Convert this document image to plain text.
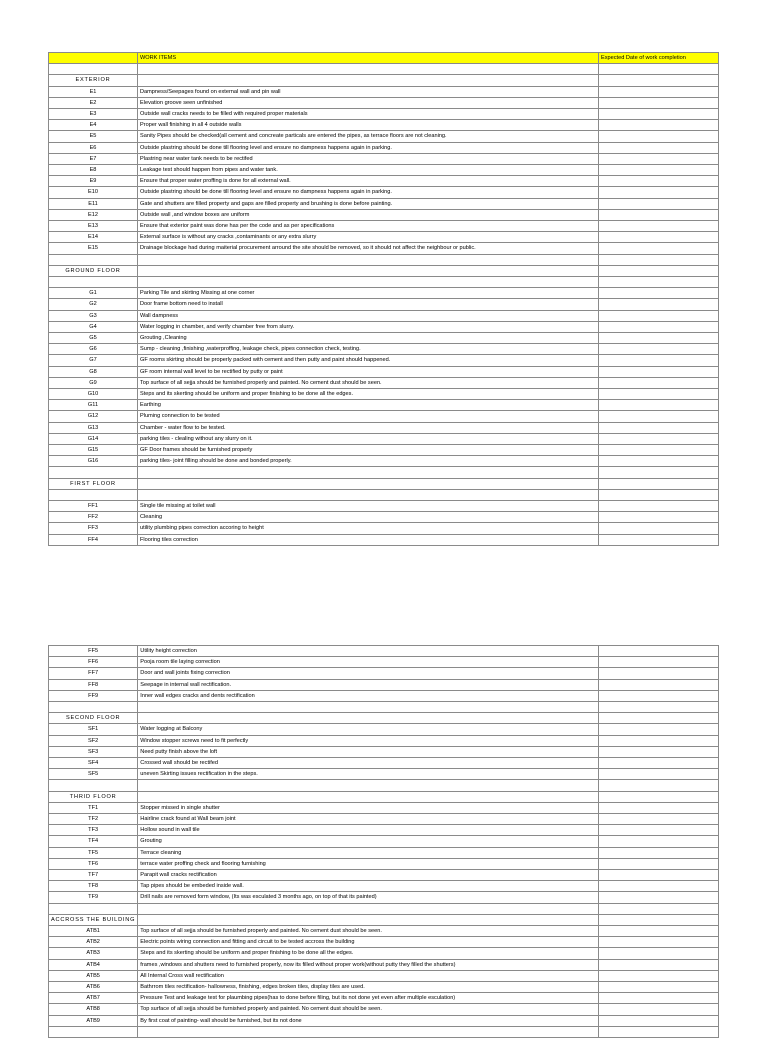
	WORK ITEMS	Expected Date of work completion

EXTERIOR		
E1	Dampness/Seepages found on external wall and pin wall	
E2	Elevation groove seen unfinished	
E3	Outside wall cracks needs to be filled with required proper materials	
E4	Proper wall finishing in all 4 outside walls	
E5	Sanity Pipes should be checked(all cement and concreate particals are entered the pipes, as terrace floors are not cleaning.	
E6	Outside plastring should be done till flooring level and ensure no dampness happens again in parking.	
E7	Plastring near water tank needs to be rectifed	
E8	Leakage test should happen from pipes and water tank.	
E9	Ensure that proper water proffing is done for all external wall.	
E10	Outside plastring should be done till flooring level and ensure no dampness happens again in parking.	
E11	Gate and shutters are filled property and gaps are filled property and brushing is done before painting.	
E12	Outside wall ,and window boxes are uniform	
E13	Ensure that exterior paint was done has per the code and as per specifications	
E14	External surface is without any cracks ,contaminants or any extra slurry	
E15	Drainage blockage had during maiterial procurement arround the site should be removed, so it should not affect the neighbour or public.	

GROUND FLOOR		

G1	Parking Tile and skirting Missing at one corner	
G2	Door frame bottom need to install	
G3	Wall dampness	
G4	Water logging in chamber, and verify chamber free from slurry.	
G5	Grouting ,Cleaning	
G6	Sump - cleaning ,finishing ,waterproffing, leakage check, pipes connection check, testing.	
G7	GF rooms skirting should be properly packed with cement and then putty and paint should happened.	
G8	GF room internal wall level to be rectified by putty or paint	
G9	Top surface of all sejja should be furnished properly and painted. No cement dust should be seen.	
G10	Steps and its skerting should be uniform and proper finishing to be done all the edges.	
G11	Earthing	
G12	Pluming connection to be tested	
G13	Chamber - water flow to be tested.	
G14	parking tiles - clealing without any slurry on it.	
G15	GF Door frames should be furnished properly	
G16	parking tiles- joint filling should be done and bonded properly.	

FIRST FLOOR		

FF1	Single tile missing at toilet wall	
FF2	Cleaning	
FF3	utility plumbing pipes correction accoring to height	
FF4	Flooring tiles correction	
FF5	Utility height correction	
FF6	Pooja room tile laying correction	
FF7	Door and wall joints fixing correction	
FF8	Seepage in internal wall rectification.	
FF9	Inner wall edges cracks and dents rectification	

SECOND FLOOR		
SF1	Water logging at Balcony	
SF2	Window stopper screws need to fit perfectly	
SF3	Need putty finish above the loft	
SF4	Crossed wall should be rectifed	
SF5	uneven Skirting issues rectification in the steps.	

THRID FLOOR		
TF1	Stopper missed in single shutter	
TF2	Hairline crack found at Wall beam joint	
TF3	Hollow sound in wall tile	
TF4	Grouting	
TF5	Terrace cleaning	
TF6	terrace water proffing check and flooring furnishing	
TF7	Parapit wall cracks rectification	
TF8	Tap pipes should be embeded inside wall.	
TF9	Drill nails are removed form window, (Its was esculated 3 months ago, on top of that its painted)	

ACCROSS THE BUILDING		
ATB1	Top surface of all sejja should be furnished properly and painted. No cement dust should be seen.	
ATB2	Electric points wiring connection and fitting and circuit to be tested accross the building	
ATB3	Steps and its skerting should be uniform and proper finishing to be done all the edges.	
ATB4	frames ,windows and shutters need to furnished properly, now its filled without proper work(without putty they filled the shutters)	
ATB5	All Internal Cross wall rectification	
ATB6	Bathrrom tiles rectification- hallowness, finishing, edges broken tiles, display tiles are used.	
ATB7	Pressure Test and leakage test for plaumbing pipes(has to done before filing, but its not done yet even after multiple esculation)	
ATB8	Top surface of all sejja should be furnished properly and painted. No cement dust should be seen.	
ATB9	By first coat of painting- wall should be furnished, but its not done	
